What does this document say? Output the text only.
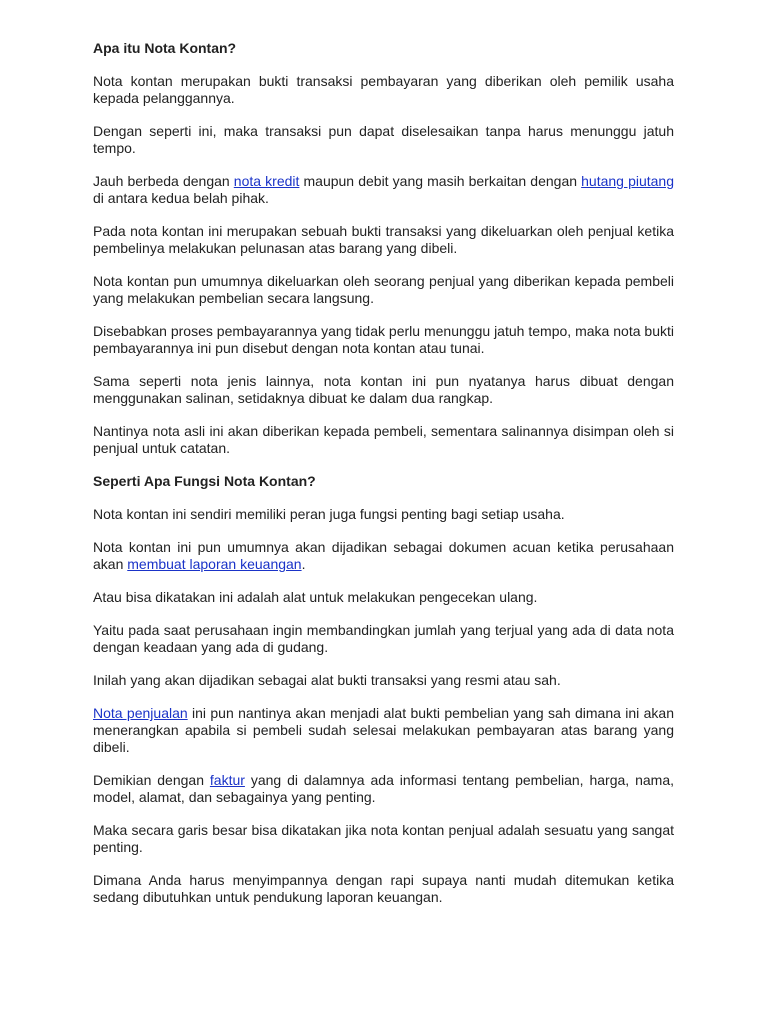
Apa itu Nota Kontan?

Nota kontan merupakan bukti transaksi pembayaran yang diberikan oleh pemilik usaha kepada pelanggannya.

Dengan seperti ini, maka transaksi pun dapat diselesaikan tanpa harus menunggu jatuh tempo.

Jauh berbeda dengan nota kredit maupun debit yang masih berkaitan dengan hutang piutang di antara kedua belah pihak.

Pada nota kontan ini merupakan sebuah bukti transaksi yang dikeluarkan oleh penjual ketika pembelinya melakukan pelunasan atas barang yang dibeli.

Nota kontan pun umumnya dikeluarkan oleh seorang penjual yang diberikan kepada pembeli yang melakukan pembelian secara langsung.

Disebabkan proses pembayarannya yang tidak perlu menunggu jatuh tempo, maka nota bukti pembayarannya ini pun disebut dengan nota kontan atau tunai.

Sama seperti nota jenis lainnya, nota kontan ini pun nyatanya harus dibuat dengan menggunakan salinan, setidaknya dibuat ke dalam dua rangkap.

Nantinya nota asli ini akan diberikan kepada pembeli, sementara salinannya disimpan oleh si penjual untuk catatan.

Seperti Apa Fungsi Nota Kontan?

Nota kontan ini sendiri memiliki peran juga fungsi penting bagi setiap usaha.

Nota kontan ini pun umumnya akan dijadikan sebagai dokumen acuan ketika perusahaan akan membuat laporan keuangan.

Atau bisa dikatakan ini adalah alat untuk melakukan pengecekan ulang.

Yaitu pada saat perusahaan ingin membandingkan jumlah yang terjual yang ada di data nota dengan keadaan yang ada di gudang.

Inilah yang akan dijadikan sebagai alat bukti transaksi yang resmi atau sah.

Nota penjualan ini pun nantinya akan menjadi alat bukti pembelian yang sah dimana ini akan menerangkan apabila si pembeli sudah selesai melakukan pembayaran atas barang yang dibeli.

Demikian dengan faktur yang di dalamnya ada informasi tentang pembelian, harga, nama, model, alamat, dan sebagainya yang penting.

Maka secara garis besar bisa dikatakan jika nota kontan penjual adalah sesuatu yang sangat penting.

Dimana Anda harus menyimpannya dengan rapi supaya nanti mudah ditemukan ketika sedang dibutuhkan untuk pendukung laporan keuangan.
